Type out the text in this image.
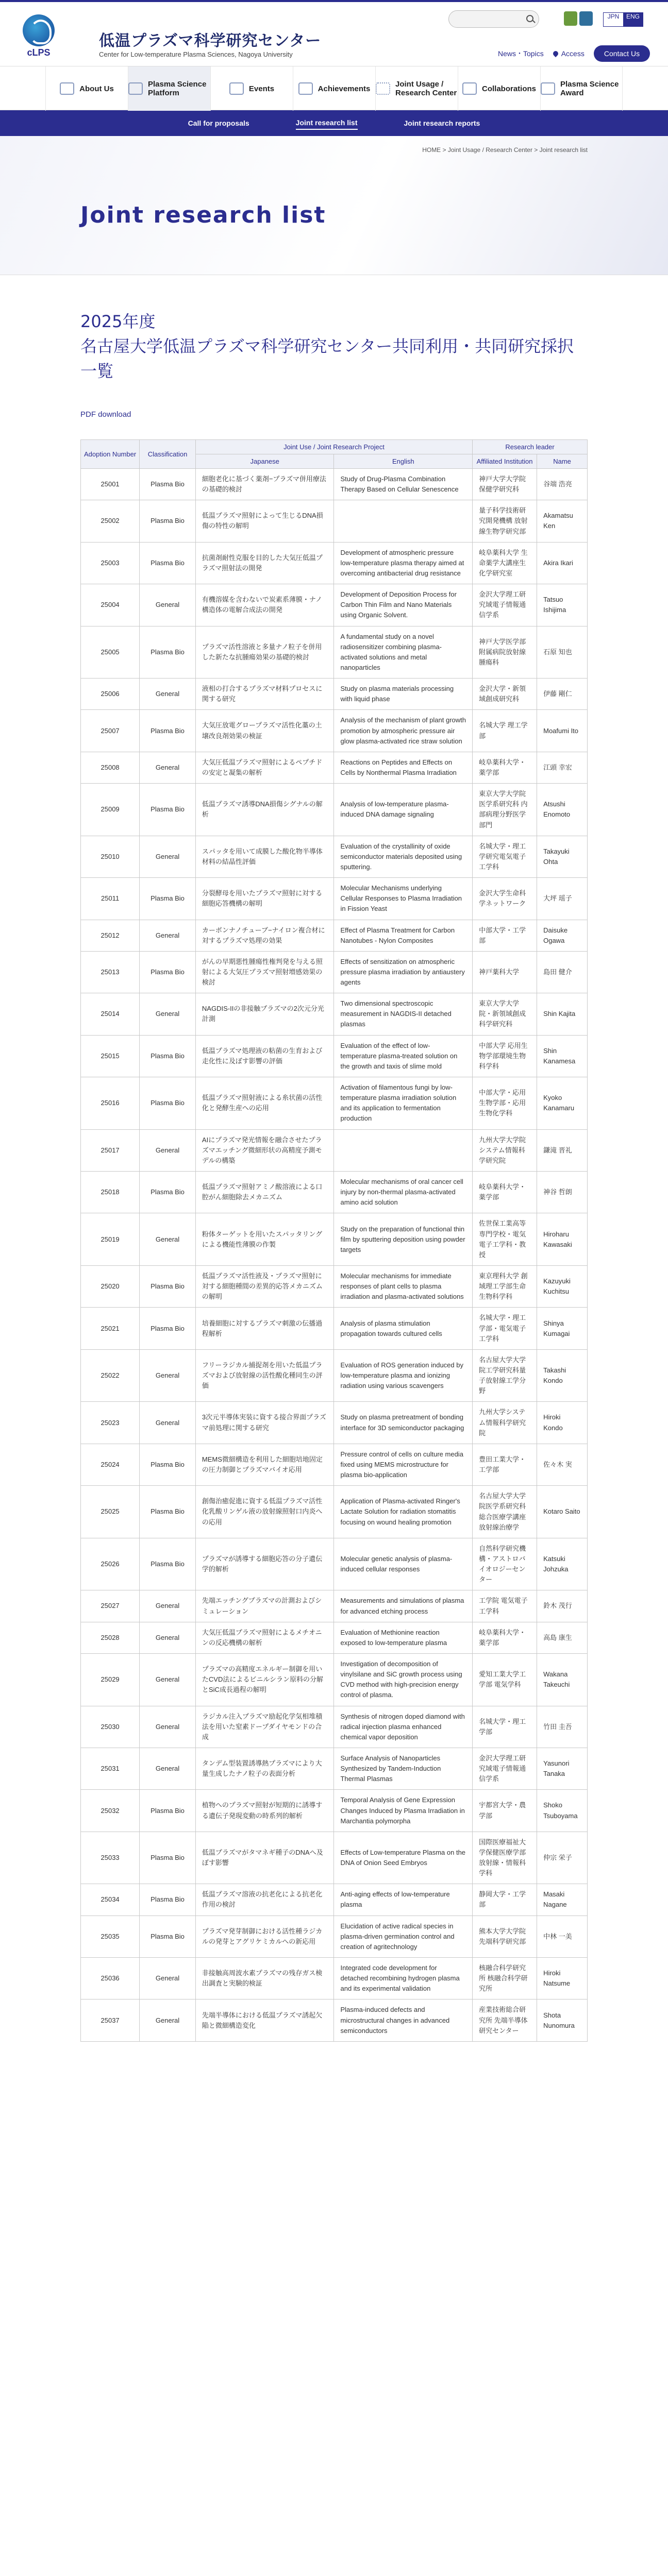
cLPS
低温プラズマ科学研究センター
Center for Low-temperature Plasma Sciences, Nagoya University
JPN	ENG
News・Topics	Access	Contact Us
About Us	Plasma Science Platform	Events	Achievements	Joint Usage / Research Center	Collaborations	Plasma Science Award
Call for proposals	Joint research list	Joint research reports
HOME > Joint Usage / Research Center > Joint research list
Joint research list
2025年度
名古屋大学低温プラズマ科学研究センター共同利用・共同研究採択一覧
PDF download
Adoption Number	Classification	Joint Use / Joint Research Project		Research leader	
		Japanese	English	Affiliated Institution	Name
25001	Plasma Bio	細胞老化に基づく薬剤−プラズマ併用療法の基礎的検討	Study of Drug-Plasma Combination Therapy Based on Cellular Senescence	神戸大学大学院保健学研究科	谷端 浩亮
25002	Plasma Bio	低温プラズマ照射によって生じるDNA損傷の特性の解明		量子科学技術研究開発機構 放射線生物学研究部	Akamatsu Ken
25003	Plasma Bio	抗菌剤耐性克服を目的した大気圧低温プラズマ照射法の開発	Development of atmospheric pressure low-temperature plasma therapy aimed at overcoming antibacterial drug resistance	岐阜薬科大学 生命薬学大講座生化学研究室	Akira Ikari
25004	General	有機溶媒を含わないで炭素系薄膜・ナノ構造体の電解合成法の開発	Development of Deposition Process for Carbon Thin Film and Nano Materials using Organic Solvent.	金沢大学理工研究域電子情報通信学系	Tatsuo Ishijima
25005	Plasma Bio	プラズマ活性溶液と多量ナノ粒子を併用した新たな抗腫瘍効果の基礎的検討	A fundamental study on a novel radiosensitizer combining plasma-activated solutions and metal nanoparticles	神戸大学医学部附属病院放射線腫瘍科	石原 知也
25006	General	液相の打合するプラズマ材料プロセスに関する研究	Study on plasma materials processing with liquid phase	金沢大学・新領域創成研究科	伊藤 剛仁
25007	Plasma Bio	大気圧放電グロープラズマ活性化藁の土壌改良剤効果の検証	Analysis of the mechanism of plant growth promotion by atmospheric pressure air glow plasma-activated rice straw solution	名城大学 理工学部	Moafumi Ito
25008	General	大気圧低温プラズマ照射によるペプチドの安定と凝集の解析	Reactions on Peptides and Effects on Cells by Nonthermal Plasma Irradiation	岐阜薬科大学・薬学部	江頭 幸宏
25009	Plasma Bio	低温プラズマ誘導DNA損傷シグナルの解析	Analysis of low-temperature plasma-induced DNA damage signaling	東京大学大学院医学系研究科 内部病理分野医学部門	Atsushi Enomoto
25010	General	スパッタを用いて成膜した酸化物半導体材料の結晶性評価	Evaluation of the crystallinity of oxide semiconductor materials deposited using sputtering.	名城大学・理工学研究電気電子工学科	Takayuki Ohta
25011	Plasma Bio	分裂酵母を用いたプラズマ照射に対する細胞応答機構の解明	Molecular Mechanisms underlying Cellular Responses to Plasma Irradiation in Fission Yeast	金沢大学生命科学ネットワーク	大坪 瑶子
25012	General	カーボンナノチューブ−ナイロン複合材に対するプラズマ処理の効果	Effect of Plasma Treatment for Carbon Nanotubes - Nylon Composites	中部大学・工学部	Daisuke Ogawa
25013	Plasma Bio	がんの早期悪性腫瘍性権判発を与える照射による大気圧プラズマ照射増感効果の検討	Effects of sensitization on atmospheric pressure plasma irradiation by antiaustery agents	神戸薬科大学	島田 健介
25014	General	NAGDIS-IIの非接触プラズマの2次元分光計測	Two dimensional spectroscopic measurement in NAGDIS-II detached plasmas	東京大学大学院・新領域創成科学研究科	Shin Kajita
25015	Plasma Bio	低温プラズマ処理液の粘菌の生育および走化性に及ぼす影響の評価	Evaluation of the effect of low-temperature plasma-treated solution on the growth and taxis of slime mold	中部大学 応用生物学部環境生物科学科	Shin Kanamesa
25016	Plasma Bio	低温プラズマ照射液による糸状菌の活性化と発酵生産への応用	Activation of filamentous fungi by low-temperature plasma irradiation solution and its application to fermentation production	中部大学・応用生物学部・応用生物化学科	Kyoko Kanamaru
25017	General	AIにプラズマ発光情報を融合させたプラズマエッチング微細形状の高精度予測モデルの構築		九州大学大学院システム情報科学研究院	鎌滝 晋礼
25018	Plasma Bio	低温プラズマ照射アミノ酸溶液による口腔がん細胞除去メカニズム	Molecular mechanisms of oral cancer cell injury by non-thermal plasma-activated amino acid solution	岐阜薬科大学・薬学部	神谷 哲朗
25019	General	粉体ターゲットを用いたスパッタリングによる機能性薄膜の作製	Study on the preparation of functional thin film by sputtering deposition using powder targets	佐世保工業高等専門学校・電気電子工学科・教授	Hiroharu Kawasaki
25020	Plasma Bio	低温プラズマ活性液及・プラズマ照射に対する細胞種間の差異的応答メカニズムの解明	Molecular mechanisms for immediate responses of plant cells to plasma irradiation and plasma-activated solutions	東京理科大学 創域理工学部生命生物科学科	Kazuyuki Kuchitsu
25021	Plasma Bio	培養細胞に対するプラズマ刺激の伝播過程解析	Analysis of plasma stimulation propagation towards cultured cells	名城大学・理工学部・電気電子工学科	Shinya Kumagai
25022	General	フリーラジカル捕捉剤を用いた低温プラズマおよび放射線の活性酸化種同生の評価	Evaluation of ROS generation induced by low-temperature plasma and ionizing radiation using various scavengers	名古屋大学大学院工学研究科量子放射線工学分野	Takashi Kondo
25023	General	3次元半導体実装に資する接合界面プラズマ前処理に関する研究	Study on plasma pretreatment of bonding interface for 3D semiconductor packaging	九州大学システム情報科学研究院	Hiroki Kondo
25024	Plasma Bio	MEMS微細構造を利用した細胞培地固定の圧力制御とプラズマバイオ応用	Pressure control of cells on culture media fixed using MEMS microstructure for plasma bio-application	豊田工業大学・工学部	佐々木 実
25025	Plasma Bio	創傷治癒促進に資する低温プラズマ活性化乳酸リンゲル液の放射線照射口内炎への応用	Application of Plasma-activated Ringer's Lactate Solution for radiation stomatitis focusing on wound healing promotion	名古屋大学大学院医学系研究科総合医療学講座 放射線治療学	Kotaro Saito
25026	Plasma Bio	プラズマが誘導する細胞応答の分子遺伝学的解析	Molecular genetic analysis of plasma-induced cellular responses	自然科学研究機構・アストロバイオロジーセンター	Katsuki Johzuka
25027	General	先端エッチングプラズマの計測およびシミュレーション	Measurements and simulations of plasma for advanced etching process	工学院 電気電子工学科	鈴木 茂行
25028	General	大気圧低温プラズマ照射によるメチオニンの反応機構の解析	Evaluation of Methionine reaction exposed to low-temperature plasma	岐阜薬科大学・薬学部	高島 康生
25029	General	プラズマの高精度エネルギー制御を用いたCVD法によるビニルシラン原料の分解とSiC成長過程の解明	Investigation of decomposition of vinylsilane and SiC growth process using CVD method with high-precision energy control of plasma.	愛知工業大学工学部 電気学科	Wakana Takeuchi
25030	General	ラジカル注入プラズマ励起化学気相堆積法を用いた窒素ドープダイヤモンドの合成	Synthesis of nitrogen doped diamond with radical injection plasma enhanced chemical vapor deposition	名城大学・理工学部	竹田 圭吾
25031	General	タンデム型装置誘導熱プラズマにより大量生成したナノ粒子の表面分析	Surface Analysis of Nanoparticles Synthesized by Tandem-Induction Thermal Plasmas	金沢大学理工研究域電子情報通信学系	Yasunori Tanaka
25032	Plasma Bio	植物へのプラズマ照射が短期的に誘導する遺伝子発現変動の時系列的解析	Temporal Analysis of Gene Expression Changes Induced by Plasma Irradiation in Marchantia polymorpha	宇都宮大学・農学部	Shoko Tsuboyama
25033	Plasma Bio	低温プラズマがタマネギ種子のDNAへ及ぼす影響	Effects of Low-temperature Plasma on the DNA of Onion Seed Embryos	国際医療福祉大学保健医療学部 放射線・情報科学科	仲宗 栄子
25034	Plasma Bio	低温プラズマ溶液の抗老化による抗老化作用の検討	Anti-aging effects of low-temperature plasma	静岡大学・工学部	Masaki Nagane
25035	Plasma Bio	プラズマ発芽制御における活性種ラジカルの発芽とアグリケミカルへの新応用	Elucidation of active radical species in plasma-driven germination control and creation of agritechnology	熊本大学大学院先端科学研究部	中林 一美
25036	General	非接触高周波水素プラズマの残存ガス検出調査と実験的検証	Integrated code development for detached recombining hydrogen plasma and its experimental validation	核融合科学研究所 核融合科学研究所	Hiroki Natsume
25037	General	先端半導体における低温プラズマ誘起欠陥と微細構造変化	Plasma-induced defects and microstructural changes in advanced semiconductors	産業技術総合研究所 先端半導体研究センター	Shota Nunomura
